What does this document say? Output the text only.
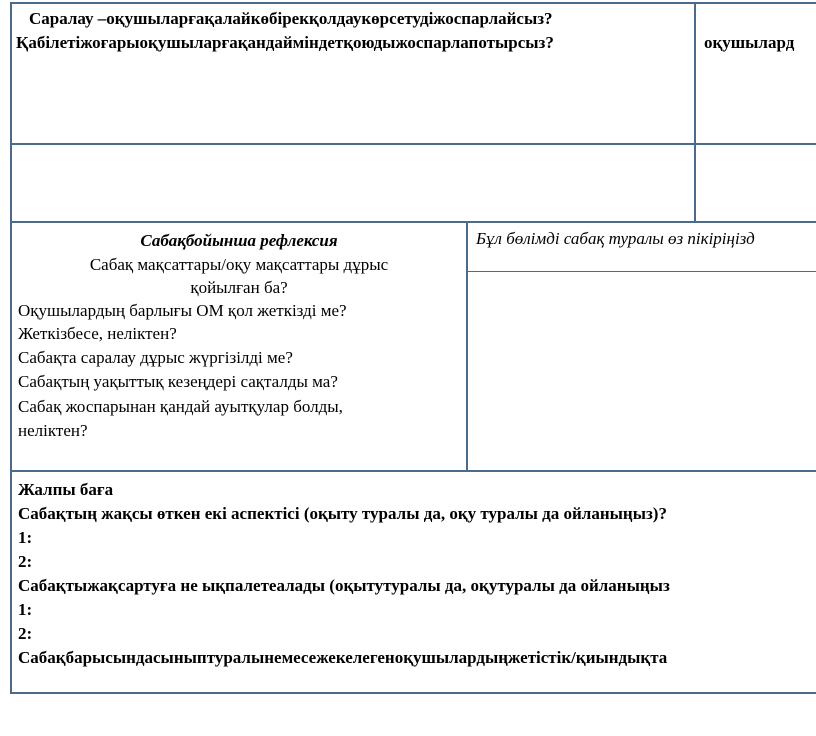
Саралау –оқушыларғақалайкөбірекқолдаукөрсетудіжоспарлайсыз?
Қабілетіжоғарыоқушыларғақандайміндетқоюдыжоспарлапотырсыз?	оқушылард
Сабақбойынша рефлексия
Сабақ мақсаттары/оқу мақсаттары дұрыс
қойылған ба?
Оқушылардың барлығы ОМ қол жеткізді ме?
Жеткізбесе, неліктен?
Сабақта саралау дұрыс жүргізілді ме?
Сабақтың уақыттық кезеңдері сақталды ма?
Сабақ жоспарынан қандай ауытқулар болды,
неліктен?
Бұл бөлімді сабақ туралы өз пікіріңізд
Жалпы баға
Сабақтың жақсы өткен екі аспектісі (оқыту туралы да, оқу туралы да ойланыңыз)?
1:
2:
Сабақтыжақсартуға не ықпалетеалады (оқытутуралы да, оқутуралы да ойланыңыз
1:
2:
Сабақбарысындасыныптуралынемесежекелегеноқушылардыңжетістік/қиындықта
